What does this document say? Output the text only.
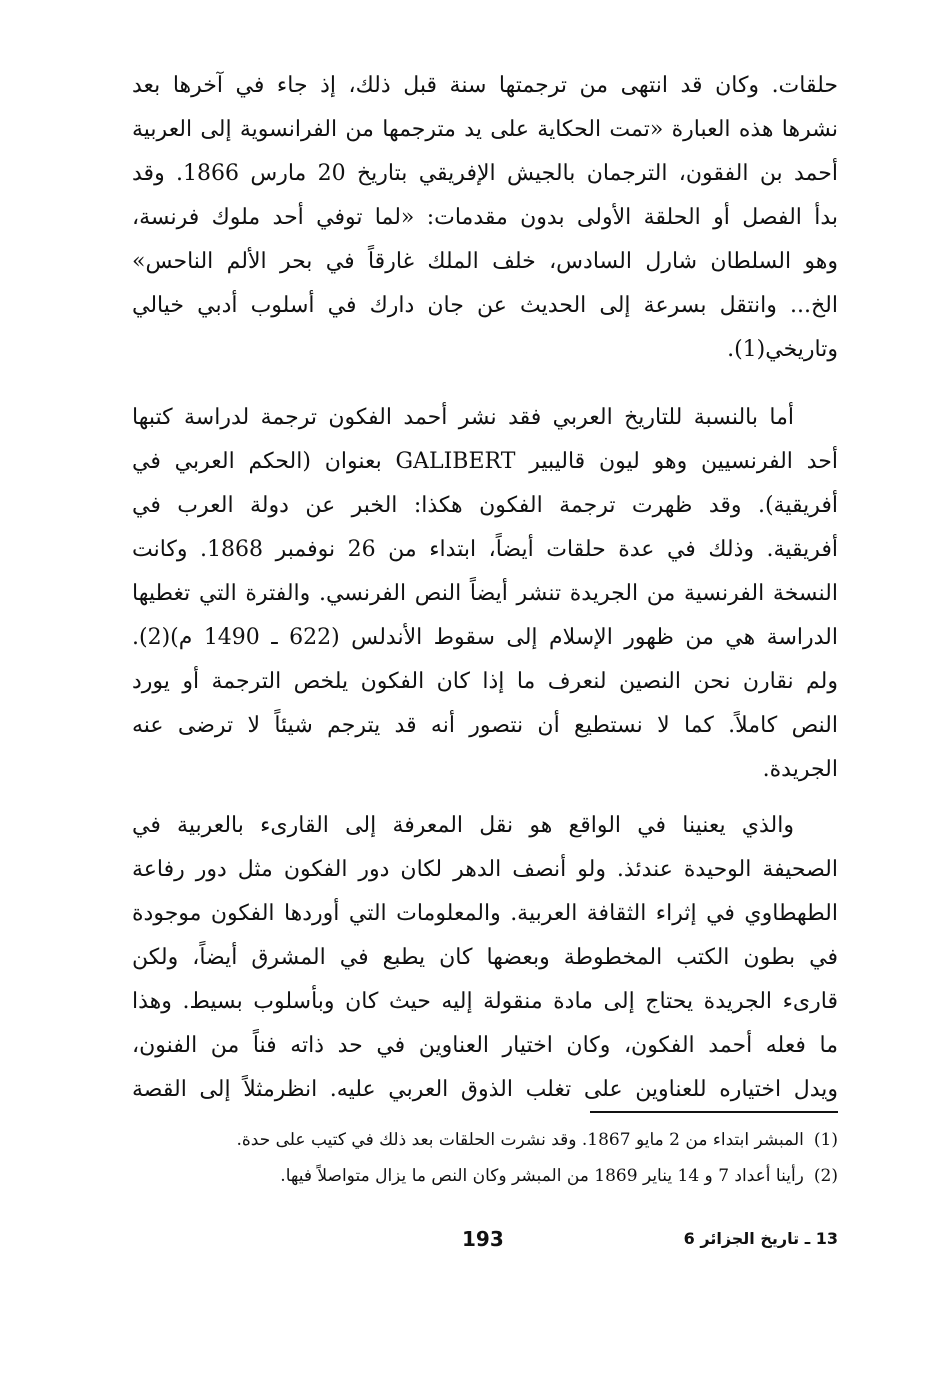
حلقات. وكان قد انتهى من ترجمتها سنة قبل ذلك، إذ جاء في آخرها بعد
نشرها هذه العبارة «تمت الحكاية على يد مترجمها من الفرانسوية إلى العربية
أحمد بن الفقون، الترجمان بالجيش الإفريقي بتاريخ 20 مارس 1866. وقد
بدأ الفصل أو الحلقة الأولى بدون مقدمات: «لما توفي أحد ملوك فرنسة،
وهو السلطان شارل السادس، خلف الملك غارقاً في بحر الألم الناحس»
الخ... وانتقل بسرعة إلى الحديث عن جان دارك في أسلوب أدبي خيالي
وتاريخي(1).
أما بالنسبة للتاريخ العربي فقد نشر أحمد الفكون ترجمة لدراسة كتبها
أحد الفرنسيين وهو ليون قاليبير GALIBERT بعنوان (الحكم العربي في
أفريقية). وقد ظهرت ترجمة الفكون هكذا: الخبر عن دولة العرب في
أفريقية. وذلك في عدة حلقات أيضاً، ابتداء من 26 نوفمبر 1868. وكانت
النسخة الفرنسية من الجريدة تنشر أيضاً النص الفرنسي. والفترة التي تغطيها
الدراسة هي من ظهور الإسلام إلى سقوط الأندلس (622 ـ 1490 م)(2).
ولم نقارن نحن النصين لنعرف ما إذا كان الفكون يلخص الترجمة أو يورد
النص كاملاً. كما لا نستطيع أن نتصور أنه قد يترجم شيئاً لا ترضى عنه
الجريدة.
والذي يعنينا في الواقع هو نقل المعرفة إلى القارىء بالعربية في
الصحيفة الوحيدة عندئذ. ولو أنصف الدهر لكان دور الفكون مثل دور رفاعة
الطهطاوي في إثراء الثقافة العربية. والمعلومات التي أوردها الفكون موجودة
في بطون الكتب المخطوطة وبعضها كان يطبع في المشرق أيضاً، ولكن
قارىء الجريدة يحتاج إلى مادة منقولة إليه حيث كان وبأسلوب بسيط. وهذا
ما فعله أحمد الفكون، وكان اختيار العناوين في حد ذاته فناً من الفنون،
ويدل اختياره للعناوين على تغلب الذوق العربي عليه. انظرمثلاً إلى القصة
(1)المبشر ابتداء من 2 مايو 1867. وقد نشرت الحلقات بعد ذلك في كتيب على حدة.
(2)رأينا أعداد 7 و 14 يناير 1869 من المبشر وكان النص ما يزال متواصلاً فيها.
193	13 ـ تاريخ الجزائر 6
